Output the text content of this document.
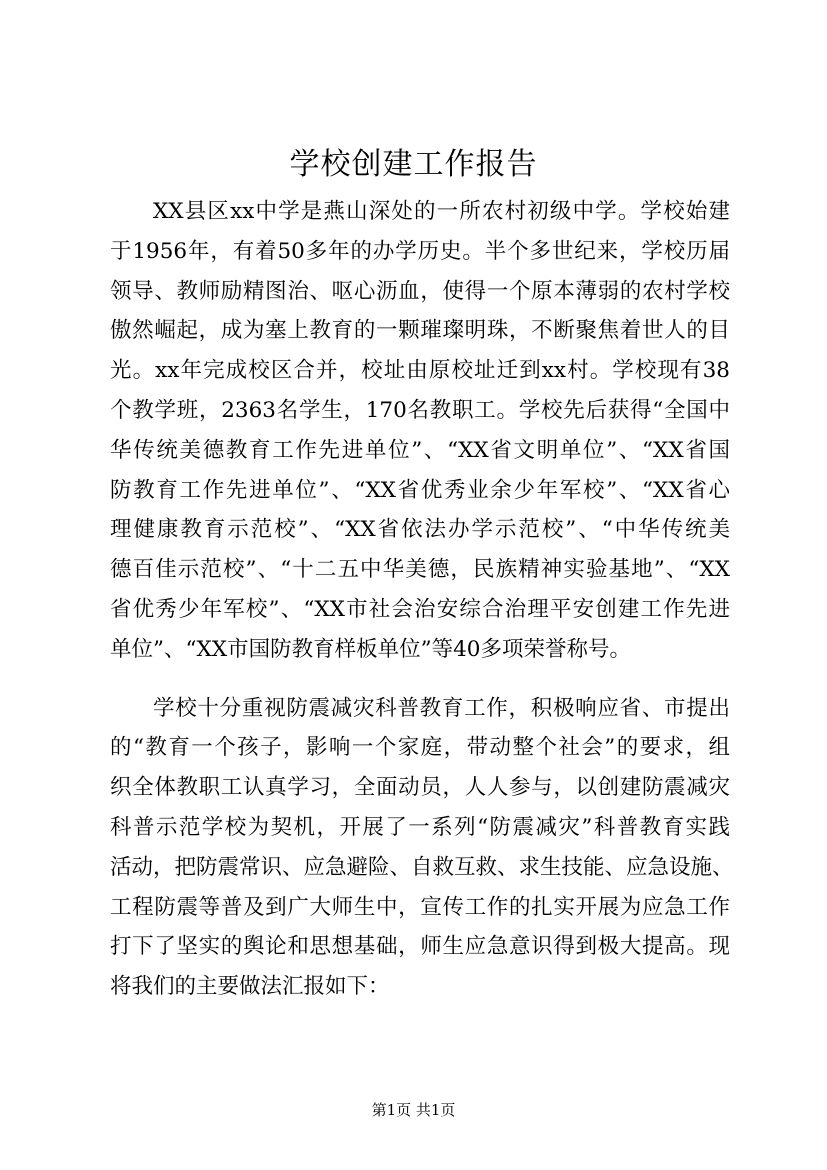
学校创建工作报告
XX县区xx中学是燕山深处的一所农村初级中学。学校始建
于1956年，有着50多年的办学历史。半个多世纪来，学校历届
领导、教师励精图治、呕心沥血，使得一个原本薄弱的农村学校
傲然崛起，成为塞上教育的一颗璀璨明珠，不断聚焦着世人的目
光。xx年完成校区合并，校址由原校址迁到xx村。学校现有38
个教学班，2363名学生，170名教职工。学校先后获得“全国中
华传统美德教育工作先进单位”、“XX省文明单位”、“XX省国
防教育工作先进单位”、“XX省优秀业余少年军校”、“XX省心
理健康教育示范校”、“XX省依法办学示范校”、“中华传统美
德百佳示范校”、“十二五中华美德，民族精神实验基地”、“XX
省优秀少年军校”、“XX市社会治安综合治理平安创建工作先进
单位”、“XX市国防教育样板单位”等40多项荣誉称号。
学校十分重视防震减灾科普教育工作，积极响应省、市提出
的“教育一个孩子，影响一个家庭，带动整个社会”的要求，组
织全体教职工认真学习，全面动员，人人参与，以创建防震减灾
科普示范学校为契机，开展了一系列“防震减灾”科普教育实践
活动，把防震常识、应急避险、自救互救、求生技能、应急设施、
工程防震等普及到广大师生中，宣传工作的扎实开展为应急工作
打下了坚实的舆论和思想基础，师生应急意识得到极大提高。现
将我们的主要做法汇报如下：
第1页 共1页
